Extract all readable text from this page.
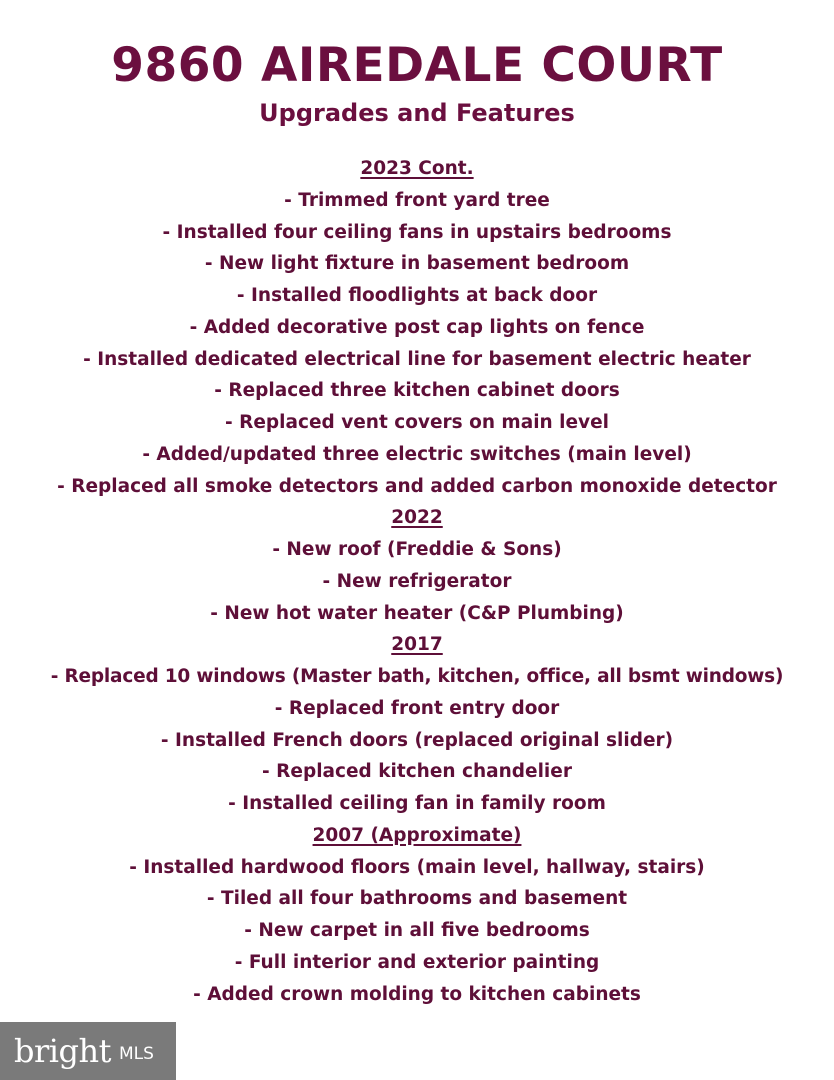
9860 AIREDALE COURT
Upgrades and Features
2023 Cont.
- Trimmed front yard tree
- Installed four ceiling fans in upstairs bedrooms
- New light fixture in basement bedroom
- Installed floodlights at back door
- Added decorative post cap lights on fence
- Installed dedicated electrical line for basement electric heater
- Replaced three kitchen cabinet doors
- Replaced vent covers on main level
- Added/updated three electric switches (main level)
- Replaced all smoke detectors and added carbon monoxide detector
2022
- New roof (Freddie & Sons)
- New refrigerator
- New hot water heater (C&P Plumbing)
2017
- Replaced 10 windows (Master bath, kitchen, office, all bsmt windows)
- Replaced front entry door
- Installed French doors (replaced original slider)
- Replaced kitchen chandelier
- Installed ceiling fan in family room
2007 (Approximate)
- Installed hardwood floors (main level, hallway, stairs)
- Tiled all four bathrooms and basement
- New carpet in all five bedrooms
- Full interior and exterior painting
- Added crown molding to kitchen cabinets
bright MLS
